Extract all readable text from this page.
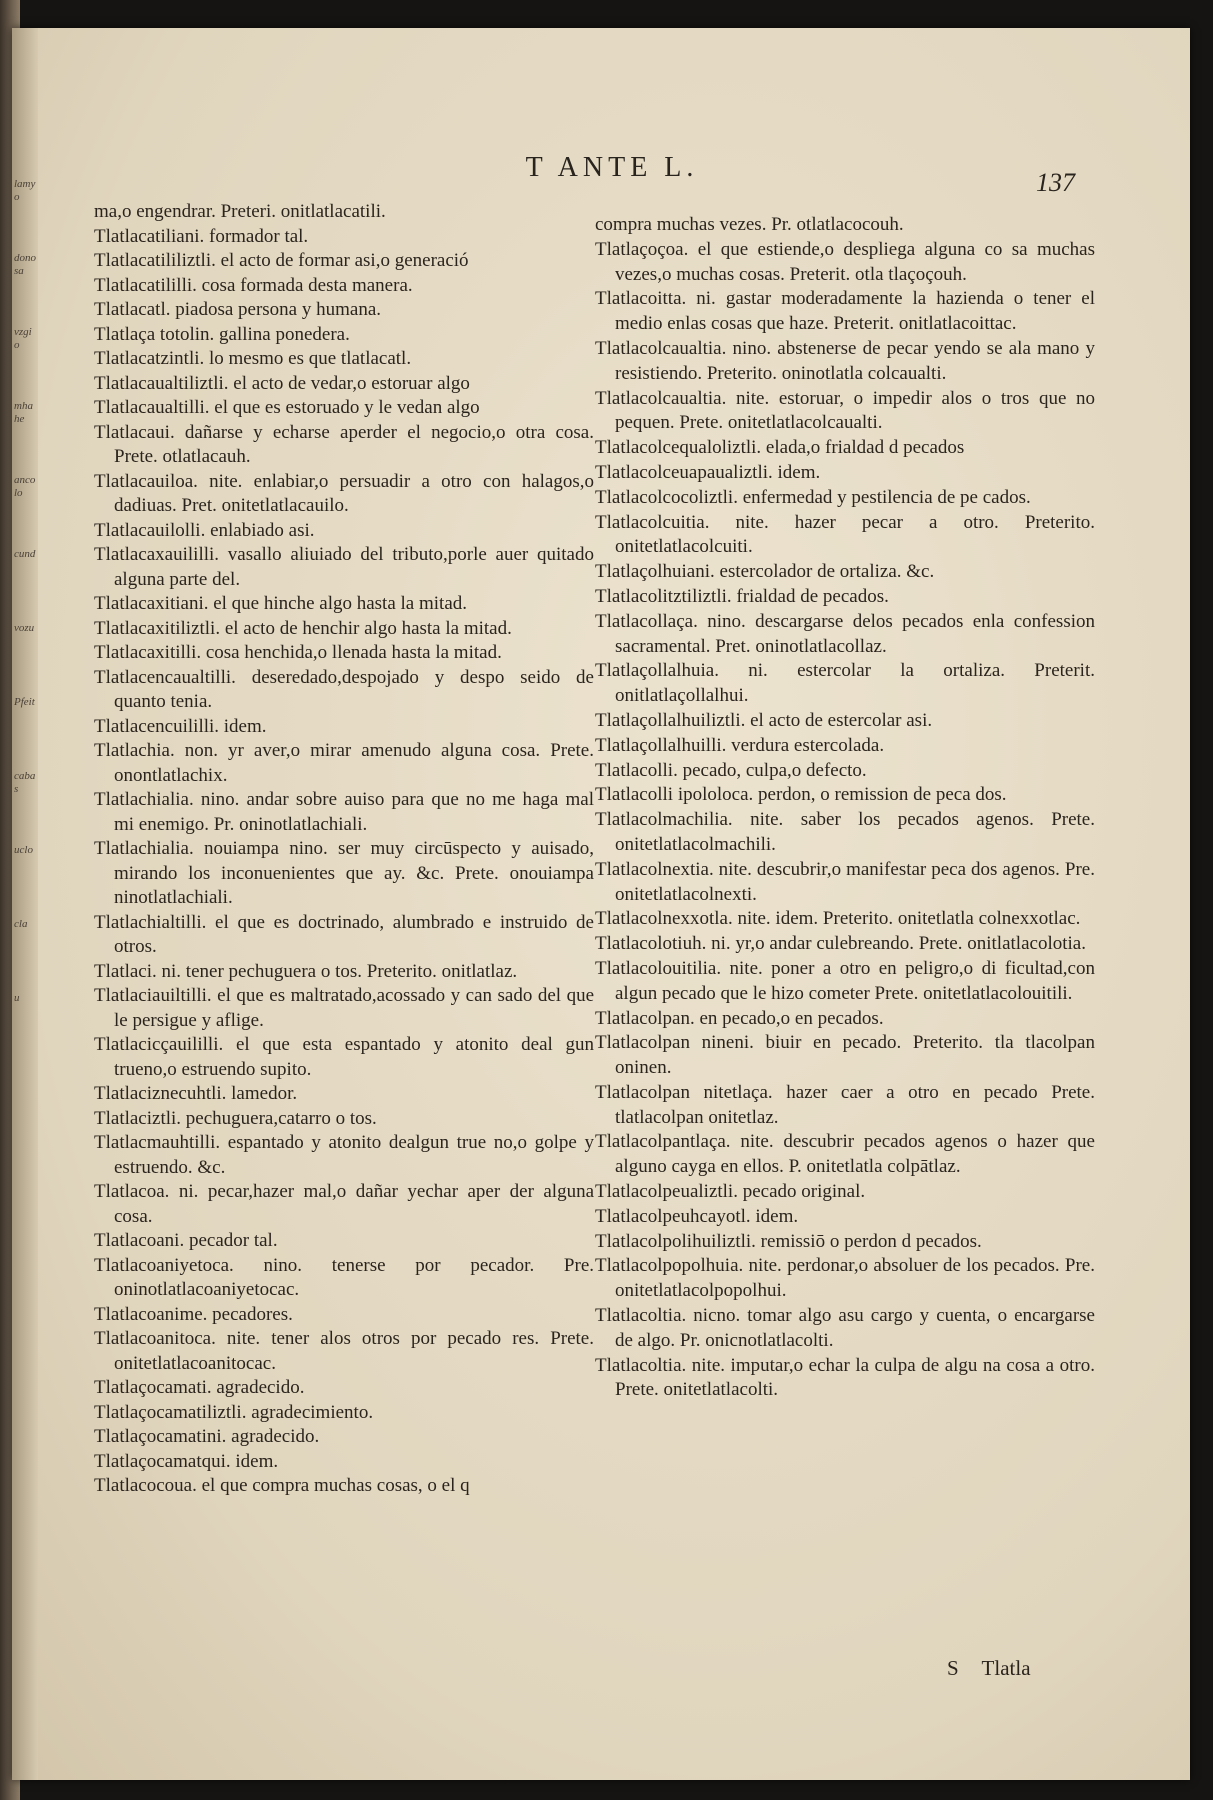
lamyo
donosa
vzgio
mhahe
ancolo
cund
vozu
Pfeit
cabas
uclo
cla
u
T ANTE L.	137

ma,o engendrar. Preteri. onitlatlacatili.

Tlatlacatiliani. formador tal.

Tlatlacatililiztli. el acto de formar asi,o generació

Tlatlacatililli. cosa formada desta manera.

Tlatlacatl. piadosa persona y humana.

Tlatlaça totolin. gallina ponedera.

Tlatlacatzintli. lo mesmo es que tlatlacatl.

Tlatlacaualtiliztli. el acto de vedar,o estoruar algo

Tlatlacaualtilli. el que es estoruado y le vedan algo

Tlatlacaui. dañarse y echarse aperder el negocio,o otra cosa. Prete. otlatlacauh.

Tlatlacauiloa. nite. enlabiar,o persuadir a otro con halagos,o dadiuas. Pret. onitetlatlacauilo.

Tlatlacauilolli. enlabiado asi.

Tlatlacaxauililli. vasallo aliuiado del tributo,porle auer quitado alguna parte del.

Tlatlacaxitiani. el que hinche algo hasta la mitad.

Tlatlacaxitiliztli. el acto de henchir algo hasta la mitad.

Tlatlacaxitilli. cosa henchida,o llenada hasta la mitad.

Tlatlacencaualtilli. deseredado,despojado y despo seido de quanto tenia.

Tlatlacencuililli. idem.

Tlatlachia. non. yr aver,o mirar amenudo alguna cosa. Prete. onontlatlachix.

Tlatlachialia. nino. andar sobre auiso para que no me haga mal mi enemigo. Pr. oninotlatlachiali.

Tlatlachialia. nouiampa nino. ser muy circūspecto y auisado, mirando los inconuenientes que ay. &c. Prete. onouiampa ninotlatlachiali.

Tlatlachialtilli. el que es doctrinado, alumbrado e instruido de otros.

Tlatlaci. ni. tener pechuguera o tos. Preterito. onitlatlaz.

Tlatlaciauiltilli. el que es maltratado,acossado y can sado del que le persigue y aflige.

Tlatlacicçauililli. el que esta espantado y atonito deal gun trueno,o estruendo supito.

Tlatlaciznecuhtli. lamedor.

Tlatlaciztli. pechuguera,catarro o tos.

Tlatlacmauhtilli. espantado y atonito dealgun true no,o golpe y estruendo. &c.

Tlatlacoa. ni. pecar,hazer mal,o dañar yechar aper der alguna cosa.

Tlatlacoani. pecador tal.

Tlatlacoaniyetoca. nino. tenerse por pecador. Pre. oninotlatlacoaniyetocac.

Tlatlacoanime. pecadores.

Tlatlacoanitoca. nite. tener alos otros por pecado res. Prete. onitetlatlacoanitocac.

Tlatlaçocamati. agradecido.

Tlatlaçocamatiliztli. agradecimiento.

Tlatlaçocamatini. agradecido.

Tlatlaçocamatqui. idem.

Tlatlacocoua. el que compra muchas cosas, o el q

compra muchas vezes. Pr. otlatlacocouh.

Tlatlaçoçoa. el que estiende,o despliega alguna co sa muchas vezes,o muchas cosas. Preterit. otla tlaçoçouh.

Tlatlacoitta. ni. gastar moderadamente la hazienda o tener el medio enlas cosas que haze. Preterit. onitlatlacoittac.

Tlatlacolcaualtia. nino. abstenerse de pecar yendo se ala mano y resistiendo. Preterito. oninotlatla colcaualti.

Tlatlacolcaualtia. nite. estoruar, o impedir alos o tros que no pequen. Prete. onitetlatlacolcaualti.

Tlatlacolcequaloliztli. elada,o frialdad d pecados

Tlatlacolceuapaualiztli. idem.

Tlatlacolcocoliztli. enfermedad y pestilencia de pe cados.

Tlatlacolcuitia. nite. hazer pecar a otro. Preterito. onitetlatlacolcuiti.

Tlatlaçolhuiani. estercolador de ortaliza. &c.

Tlatlacolitztiliztli. frialdad de pecados.

Tlatlacollaça. nino. descargarse delos pecados enla confession sacramental. Pret. oninotlatlacollaz.

Tlatlaçollalhuia. ni. estercolar la ortaliza. Preterit. onitlatlaçollalhui.

Tlatlaçollalhuiliztli. el acto de estercolar asi.

Tlatlaçollalhuilli. verdura estercolada.

Tlatlacolli. pecado, culpa,o defecto.

Tlatlacolli ipololoca. perdon, o remission de peca dos.

Tlatlacolmachilia. nite. saber los pecados agenos. Prete. onitetlatlacolmachili.

Tlatlacolnextia. nite. descubrir,o manifestar peca dos agenos. Pre. onitetlatlacolnexti.

Tlatlacolnexxotla. nite. idem. Preterito. onitetlatla colnexxotlac.

Tlatlacolotiuh. ni. yr,o andar culebreando. Prete. onitlatlacolotia.

Tlatlacolouitilia. nite. poner a otro en peligro,o di ficultad,con algun pecado que le hizo cometer Prete. onitetlatlacolouitili.

Tlatlacolpan. en pecado,o en pecados.

Tlatlacolpan nineni. biuir en pecado. Preterito. tla tlacolpan oninen.

Tlatlacolpan nitetlaça. hazer caer a otro en pecado Prete. tlatlacolpan onitetlaz.

Tlatlacolpantlaça. nite. descubrir pecados agenos o hazer que alguno cayga en ellos. P. onitetlatla colpātlaz.

Tlatlacolpeualiztli. pecado original.

Tlatlacolpeuhcayotl. idem.

Tlatlacolpolihuiliztli. remissiō o perdon d pecados.

Tlatlacolpopolhuia. nite. perdonar,o absoluer de los pecados. Pre. onitetlatlacolpopolhui.

Tlatlacoltia. nicno. tomar algo asu cargo y cuenta, o encargarse de algo. Pr. onicnotlatlacolti.

Tlatlacoltia. nite. imputar,o echar la culpa de algu na cosa a otro. Prete. onitetlatlacolti.

S Tlatla
